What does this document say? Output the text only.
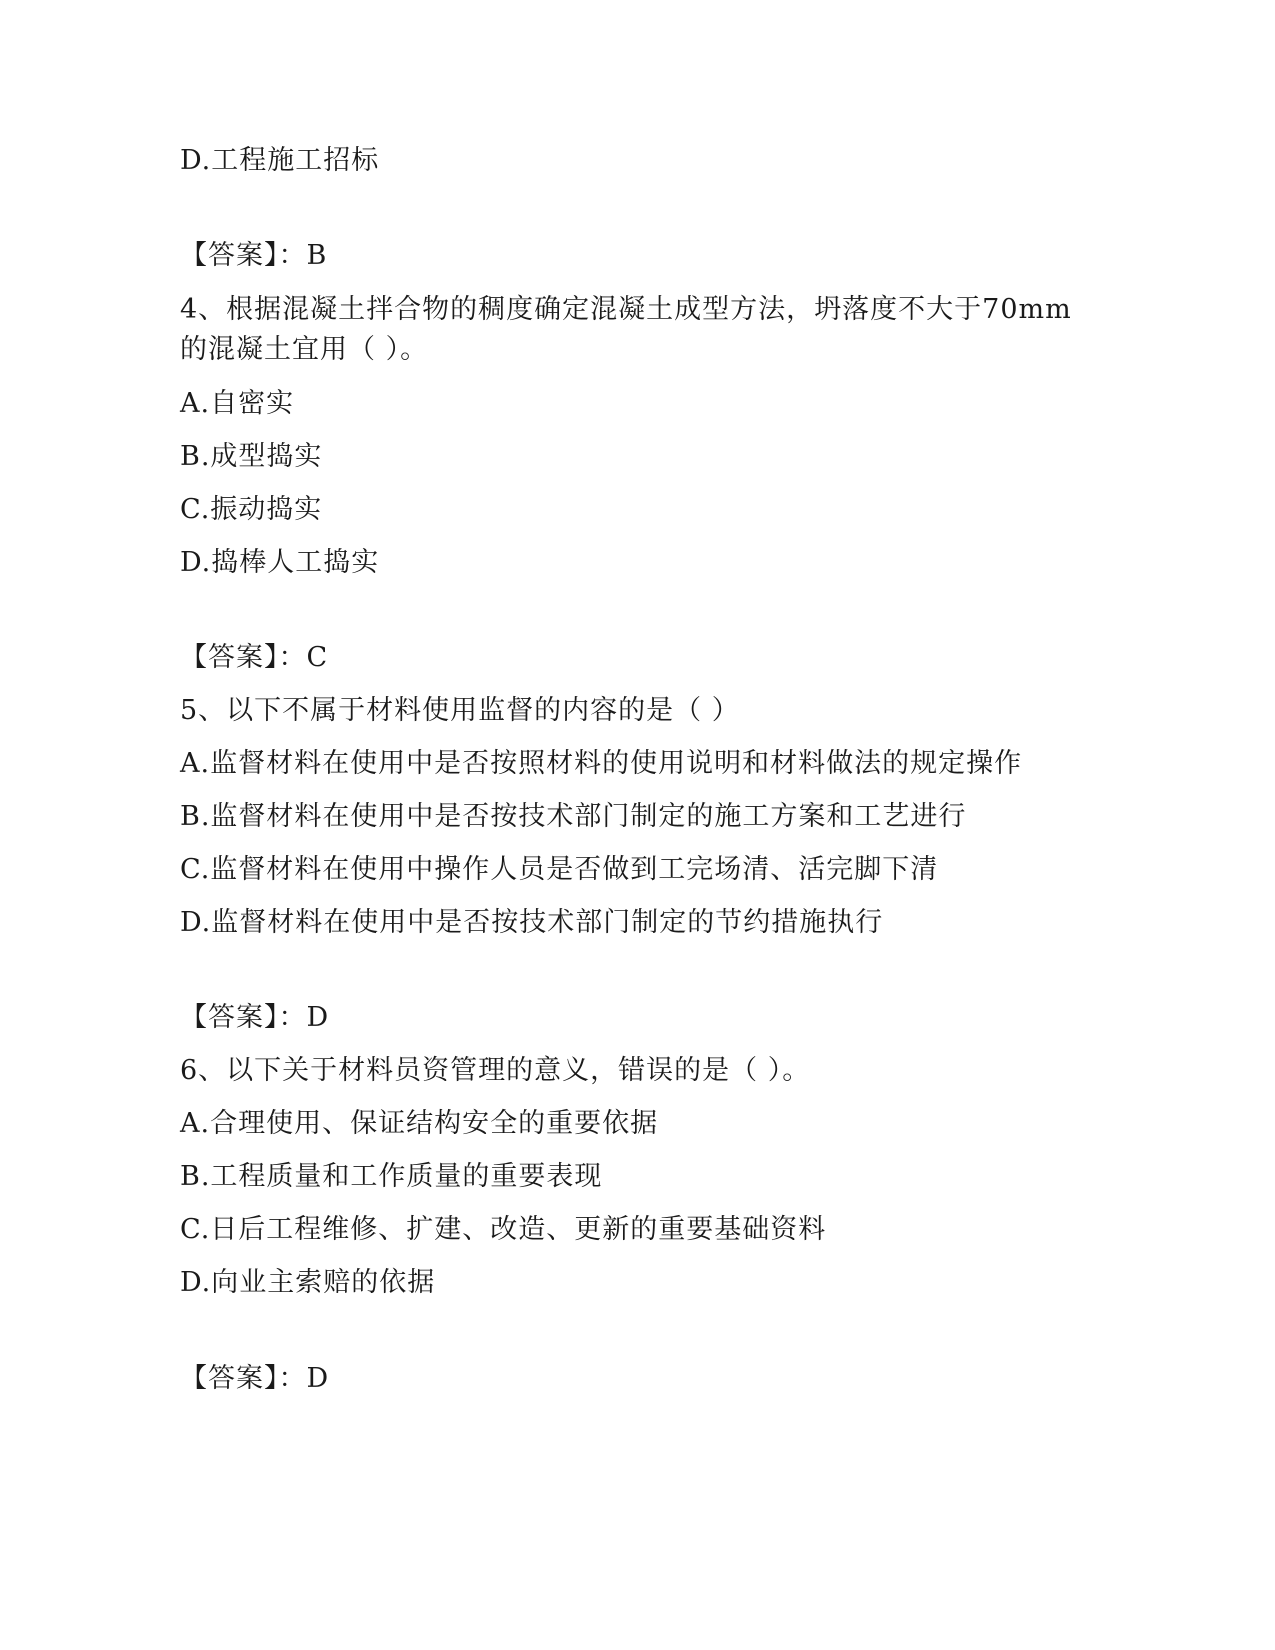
D.工程施工招标
【答案】：B
4、根据混凝土拌合物的稠度确定混凝土成型方法，坍落度不大于70mm
的混凝土宜用（ ）。
A.自密实
B.成型捣实
C.振动捣实
D.捣棒人工捣实
【答案】：C
5、以下不属于材料使用监督的内容的是（ ）
A.监督材料在使用中是否按照材料的使用说明和材料做法的规定操作
B.监督材料在使用中是否按技术部门制定的施工方案和工艺进行
C.监督材料在使用中操作人员是否做到工完场清、活完脚下清
D.监督材料在使用中是否按技术部门制定的节约措施执行
【答案】：D
6、以下关于材料员资管理的意义，错误的是（ ）。
A.合理使用、保证结构安全的重要依据
B.工程质量和工作质量的重要表现
C.日后工程维修、扩建、改造、更新的重要基础资料
D.向业主索赔的依据
【答案】：D
